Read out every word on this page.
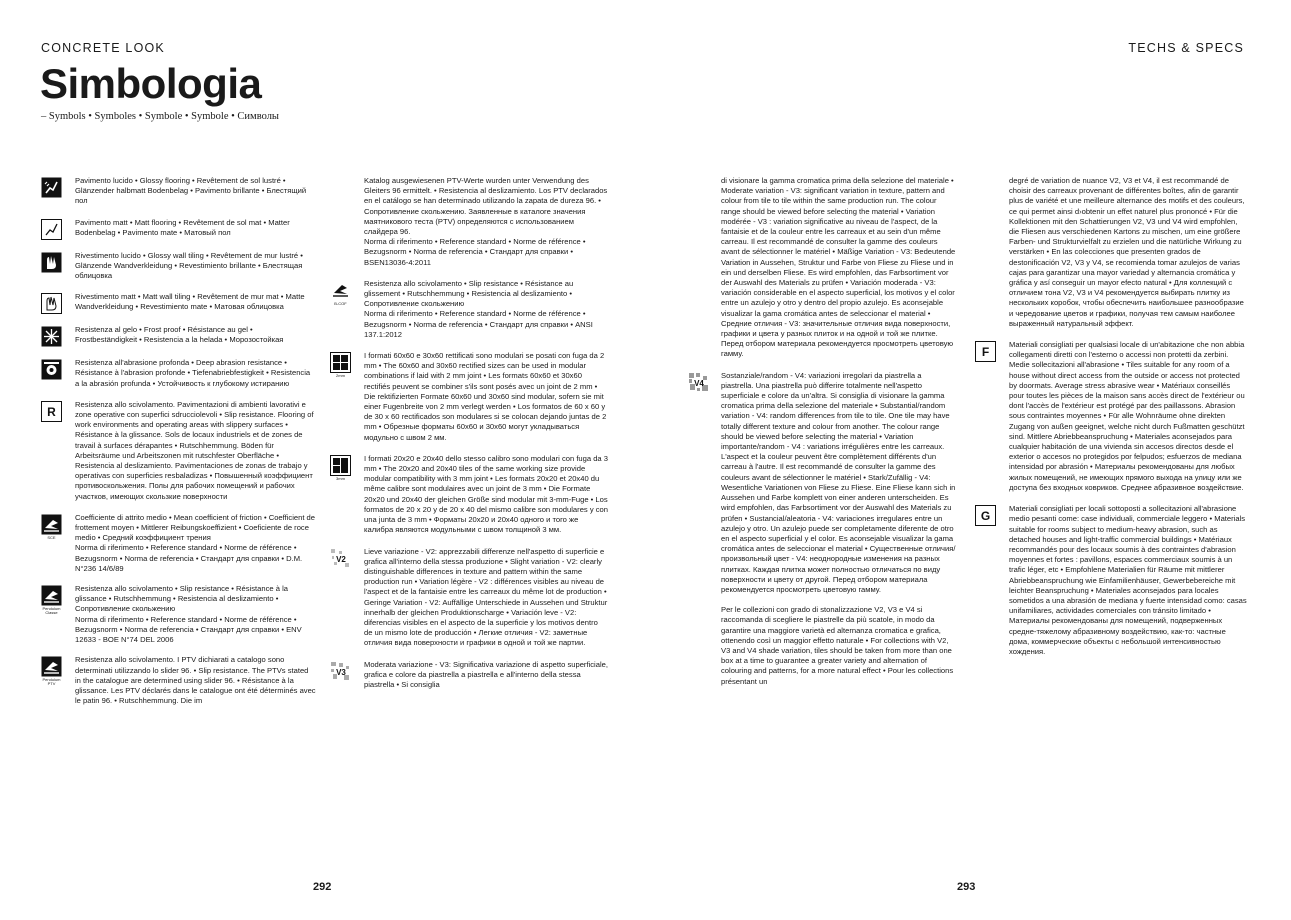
CONCRETE LOOK	TECHS & SPECS
Simbologia
– Symbols • Symboles • Symbole • Symbole • Символы

Pavimento lucido • Glossy flooring • Revêtement de sol lustré • Glänzender halbmatt Bodenbelag • Pavimento brillante • Блестящий пол

Pavimento matt • Matt flooring • Revêtement de sol mat • Matter Bodenbelag • Pavimento mate • Матовый пол

Rivestimento lucido • Glossy wall tiling • Revêtement de mur lustré • Glänzende Wandverkleidung • Revestimiento brillante • Блестящая облицовка

Rivestimento matt • Matt wall tiling • Revêtement de mur mat • Matte Wandverkleidung • Revestimiento mate • Матовая облицовка

Resistenza al gelo • Frost proof • Résistance au gel • Frostbeständigkeit • Resistencia a la helada • Морозостойкая

Resistenza all'abrasione profonda • Deep abrasion resistance • Résistance à l'abrasion profonde • Tiefenabriebfestigkeit • Resistencia a la abrasión profunda • Устойчивость к глубокому истиранию

R

Resistenza allo scivolamento. Pavimentazioni di ambienti lavorativi e zone operative con superfici sdrucciolevoli • Slip resistance. Flooring of work environments and operating areas with slippery surfaces • Résistance à la glissance. Sols de locaux industriels et de zones de travail à surfaces dérapantes • Rutschhemmung. Böden für Arbeitsräume und Arbeitszonen mit rutschfester Oberfläche • Resistencia al deslizamiento. Pavimentaciones de zonas de trabajo y operativas con superficies resbaladizas • Повышенный коэффициент противоскольжения. Полы для рабочих помещений и рабочих участков, имеющих скользкие поверхности

SCE

Coefficiente di attrito medio • Mean coefficient of friction • Coefficient de frottement moyen • Mittlerer Reibungskoeffizient • Coeficiente de roce medio • Средний коэффициент трения
Norma di riferimento • Reference standard • Norme de référence • Bezugsnorm • Norma de referencia • Стандарт для справки • D.M. N°236 14/6/89

Pendulum Classe

Resistenza allo scivolamento • Slip resistance • Résistance à la glissance • Rutschhemmung • Resistencia al deslizamiento • Сопротивление скольжению
Norma di riferimento • Reference standard • Norme de référence • Bezugsnorm • Norma de referencia • Стандарт для справки • ENV 12633 - BOE N°74 DEL 2006

Pendulum PTV

Resistenza allo scivolamento. I PTV dichiarati a catalogo sono determinati utilizzando lo slider 96. • Slip resistance. The PTVs stated in the catalogue are determined using slider 96. • Résistance à la glissance. Les PTV déclarés dans le catalogue ont été déterminés avec le patin 96. • Rutschhemmung. Die im

Katalog ausgewiesenen PTV-Werte wurden unter Verwendung des Gleiters 96 ermittelt. • Resistencia al deslizamiento. Los PTV declarados en el catálogo se han determinado utilizando la zapata de dureza 96. • Сопротивление скольжению. Заявленные в каталоге значения маятникового теста (PTV) определяются с использованием слайдера 96.
Norma di riferimento • Reference standard • Norme de référence • Bezugsnorm • Norma de referencia • Стандарт для справки • BSEN13036-4:2011

B-COF

Resistenza allo scivolamento • Slip resistance • Résistance au glissement • Rutschhemmung • Resistencia al deslizamiento • Сопротивление скольжению
Norma di riferimento • Reference standard • Norme de référence • Bezugsnorm • Norma de referencia • Стандарт для справки • ANSI 137.1:2012

2mm

I formati 60x60 e 30x60 rettificati sono modulari se posati con fuga da 2 mm • The 60x60 and 30x60 rectified sizes can be used in modular combinations if laid with 2 mm joint • Les formats 60x60 et 30x60 rectifiés peuvent se combiner s'ils sont posés avec un joint de 2 mm • Die rektifizierten Formate 60x60 und 30x60 sind modular, sofern sie mit einer Fugenbreite von 2 mm verlegt werden • Los formatos de 60 x 60 y de 30 x 60 rectificados son modulares si se colocan dejando juntas de 2 mm • Обрезные форматы 60x60 и 30x60 могут укладываться модульно с швом 2 мм.

3mm

I formati 20x20 e 20x40 dello stesso calibro sono modulari con fuga da 3 mm • The 20x20 and 20x40 tiles of the same working size provide modular compatibility with 3 mm joint • Les formats 20x20 et 20x40 du même calibre sont modulaires avec un joint de 3 mm • Die Formate 20x20 und 20x40 der gleichen Größe sind modular mit 3-mm-Fuge • Los formatos de 20 x 20 y de 20 x 40 del mismo calibre son modulares y con una junta de 3 mm • Форматы 20x20 и 20x40 одного и того же калибра являются модульными с швом толщиной 3 мм.

V2

Lieve variazione - V2: apprezzabili differenze nell'aspetto di superficie e grafica all'interno della stessa produzione • Slight variation - V2: clearly distinguishable differences in texture and pattern within the same production run • Variation légère - V2 : différences visibles au niveau de l'aspect et de la fantaisie entre les carreaux du même lot de production • Geringe Variation - V2: Auffällige Unterschiede in Aussehen und Struktur innerhalb der gleichen Produktionscharge • Variación leve - V2: diferencias visibles en el aspecto de la superficie y los motivos dentro de un mismo lote de producción • Легкие отличия - V2: заметные отличия вида поверхности и графики в одной и той же партии.

V3

Moderata variazione - V3: Significativa variazione di aspetto superficiale, grafica e colore da piastrella a piastrella e all'interno della stessa piastrella • Si consiglia

di visionare la gamma cromatica prima della selezione del materiale • Moderate variation - V3: significant variation in texture, pattern and colour from tile to tile within the same production run. The colour range should be viewed before selecting the material • Variation modérée - V3 : variation significative au niveau de l'aspect, de la fantaisie et de la couleur entre les carreaux et au sein d'un même carreau. Il est recommandé de consulter la gamme des couleurs avant de sélectionner le matériel • Mäßige Variation - V3: Bedeutende Variation in Aussehen, Struktur und Farbe von Fliese zu Fliese und in ein und derselben Fliese. Es wird empfohlen, das Farbsortiment vor der Auswahl des Materials zu prüfen • Variación moderada - V3: variación considerable en el aspecto superficial, los motivos y el color entre un azulejo y otro y dentro del propio azulejo. Es aconsejable visualizar la gama cromática antes de seleccionar el material • Средние отличия - V3: значительные отличия вида поверхности, графики и цвета у разных плиток и на одной и той же плитке. Перед отбором материала рекомендуется просмотреть цветовую гамму.

V4

Sostanziale/random - V4: variazioni irregolari da piastrella a piastrella. Una piastrella può differire totalmente nell'aspetto superficiale e colore da un'altra. Si consiglia di visionare la gamma cromatica prima della selezione del materiale • Substantial/random variation - V4: random differences from tile to tile. One tile may have totally different texture and colour from another. The colour range should be viewed before selecting the material • Variation importante/random - V4 : variations irrégulières entre les carreaux. L'aspect et la couleur peuvent être complètement différents d'un carreau à l'autre. Il est recommandé de consulter la gamme des couleurs avant de sélectionner le matériel • Stark/Zufällig - V4: Wesentliche Variationen von Fliese zu Fliese. Eine Fliese kann sich in Aussehen und Farbe komplett von einer anderen unterscheiden. Es wird empfohlen, das Farbsortiment vor der Auswahl des Materials zu prüfen • Sustancial/aleatoria - V4: variaciones irregulares entre un azulejo y otro. Un azulejo puede ser completamente diferente de otro en el aspecto superficial y el color. Es aconsejable visualizar la gama cromática antes de seleccionar el material • Существенные отличия/произвольный цвет - V4: неоднородные изменения на разных плитках. Каждая плитка может полностью отличаться по виду поверхности и цвету от другой. Перед отбором материала рекомендуется просмотреть цветовую гамму.

Per le collezioni con grado di stonalizzazione V2, V3 e V4 si raccomanda di scegliere le piastrelle da più scatole, in modo da garantire una maggiore varietà ed alternanza cromatica e grafica, ottenendo così un maggior effetto naturale • For collections with V2, V3 and V4 shade variation, tiles should be taken from more than one box at a time to guarantee a greater variety and alternation of colouring and patterns, for a more natural effect • Pour les collections présentant un

degré de variation de nuance V2, V3 et V4, il est recommandé de choisir des carreaux provenant de différentes boîtes, afin de garantir plus de variété et une meilleure alternance des motifs et des couleurs, ce qui permet ainsi d›obtenir un effet naturel plus prononcé • Für die Kollektionen mit den Schattierungen V2, V3 und V4 wird empfohlen, die Fliesen aus verschiedenen Kartons zu mischen, um eine größere Farben- und Strukturvielfalt zu erzielen und die natürliche Wirkung zu verstärken • En las colecciones que presenten grados de destonificación V2, V3 y V4, se recomienda tomar azulejos de varias cajas para garantizar una mayor variedad y alternancia cromática y gráfica y así conseguir un mayor efecto natural • Для коллекций с отличием тона V2, V3 и V4 рекомендуется выбирать плитку из нескольких коробок, чтобы обеспечить наибольшее разнообразие и чередование цветов и графики, получая тем самым наиболее выраженный натуральный эффект.

F

Materiali consigliati per qualsiasi locale di un'abitazione che non abbia collegamenti diretti con l'esterno o accessi non protetti da zerbini. Medie sollecitazioni all'abrasione • Tiles suitable for any room of a house without direct access from the outside or access not protected by doormats. Average stress abrasive wear • Matériaux conseillés pour toutes les pièces de la maison sans accès direct de l'extérieur ou dont l'accès de l'extérieur est protégé par des paillassons. Abrasion sous contraintes moyennes • Für alle Wohnräume ohne direkten Zugang von außen geeignet, welche nicht durch Fußmatten geschützt sind. Mittlere Abriebbeanspruchung • Materiales aconsejados para cualquier habitación de una vivienda sin accesos directos desde el exterior o accesos no protegidos por felpudos; esfuerzos de mediana intensidad por abrasión • Материалы рекомендованы для любых жилых помещений, не имеющих прямого выхода на улицу или же доступа без входных ковриков. Среднее абразивное воздействие.

G

Materiali consigliati per locali sottoposti a sollecitazioni all'abrasione medio pesanti come: case individuali, commerciale leggero • Materials suitable for rooms subject to medium-heavy abrasion, such as detached houses and light-traffic commercial buildings • Matériaux recommandés pour des locaux soumis à des contraintes d'abrasion moyennes et fortes : pavillons, espaces commerciaux soumis à un trafic léger, etc • Empfohlene Materialien für Räume mit mittlerer Abriebbeanspruchung wie Einfamilienhäuser, Gewerbebereiche mit leichter Beanspruchung • Materiales aconsejados para locales sometidos a una abrasión de mediana y fuerte intensidad como: casas unifamiliares, actividades comerciales con tránsito limitado • Материалы рекомендованы для помещений, подверженных средне-тяжелому абразивному воздействию, как-то: частные дома, коммерческие объекты с небольшой интенсивностью хождения.

292	293
